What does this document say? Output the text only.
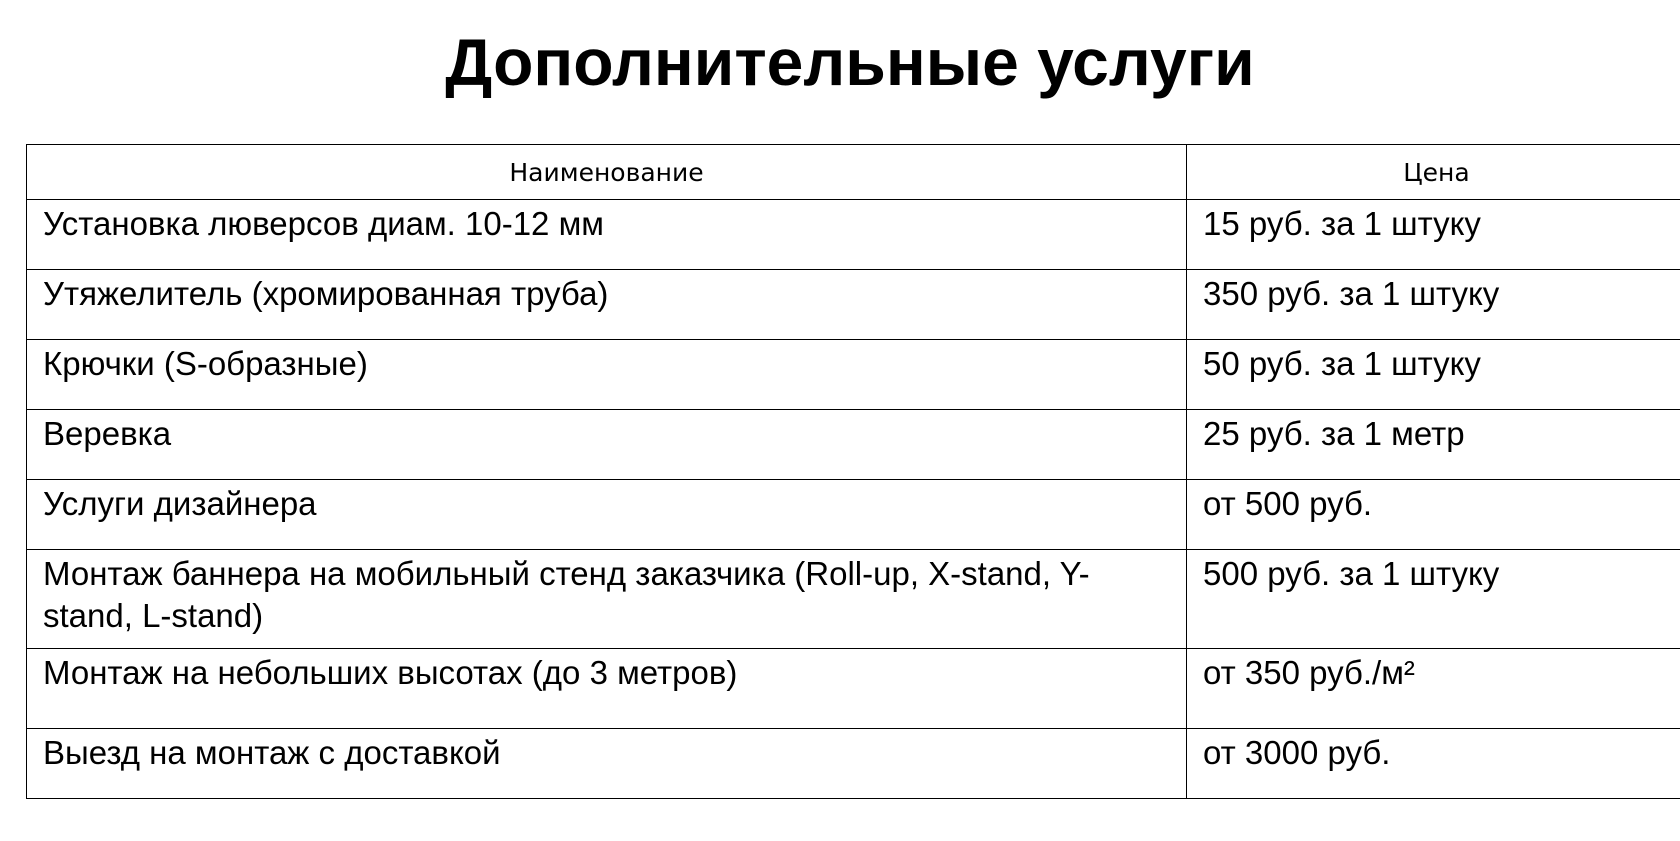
Дополнительные услуги
Наименование	Цена
Установка люверсов диам. 10-12 мм	15 руб. за 1 штуку
Утяжелитель (хромированная труба)	350 руб. за 1 штуку
Крючки (S-образные)	50 руб. за 1 штуку
Веревка	25 руб. за 1 метр
Услуги дизайнера	от 500 руб.
Монтаж баннера на мобильный стенд заказчика (Roll-up, X-stand, Y-stand, L-stand)	500 руб. за 1 штуку
Монтаж на небольших высотах (до 3 метров)	от 350 руб./м²
Выезд на монтаж с доставкой	от 3000 руб.
